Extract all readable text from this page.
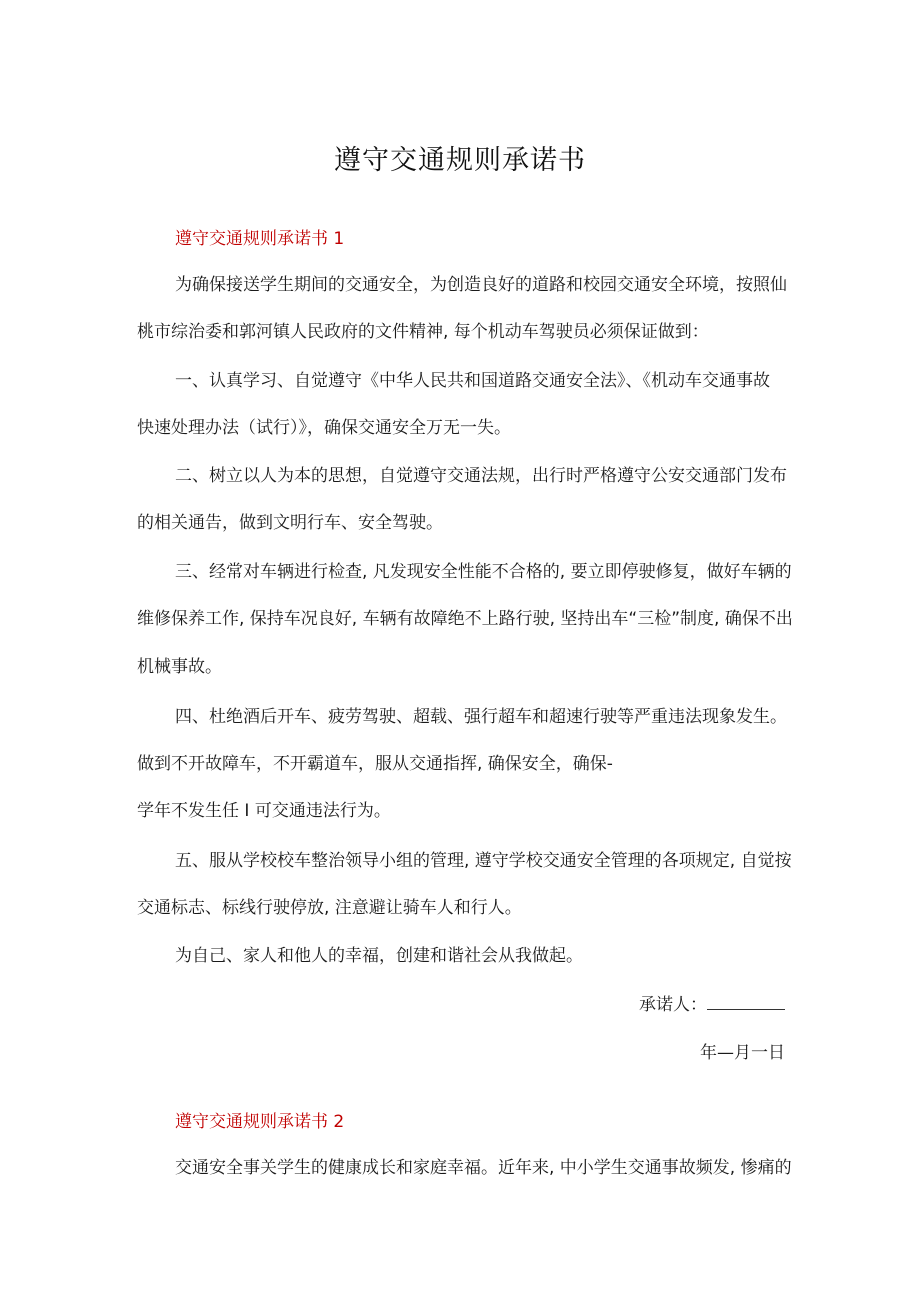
遵守交通规则承诺书
遵守交通规则承诺书 1
为确保接送学生期间的交通安全，为创造良好的道路和校园交通安全环境，按照仙
桃市综治委和郭河镇人民政府的文件精神, 每个机动车驾驶员必须保证做到：
一、认真学习、自觉遵守《中华人民共和国道路交通安全法》、《机动车交通事故
快速处理办法（试行）》，确保交通安全万无一失。
二、树立以人为本的思想，自觉遵守交通法规，出行时严格遵守公安交通部门发布
的相关通告，做到文明行车、安全驾驶。
三、经常对车辆进行检查, 凡发现安全性能不合格的, 要立即停驶修复，做好车辆的
维修保养工作, 保持车况良好, 车辆有故障绝不上路行驶, 坚持出车“三检”制度, 确保不出
机械事故。
四、杜绝酒后开车、疲劳驾驶、超载、强行超车和超速行驶等严重违法现象发生。
做到不开故障车，不开霸道车，服从交通指挥, 确保安全，确保-
学年不发生任 I 可交通违法行为。
五、服从学校校车整治领导小组的管理, 遵守学校交通安全管理的各项规定, 自觉按
交通标志、标线行驶停放, 注意避让骑车人和行人。
为自己、家人和他人的幸福，创建和谐社会从我做起。
承诺人：
年—月一日
遵守交通规则承诺书 2
交通安全事关学生的健康成长和家庭幸福。近年来, 中小学生交通事故频发, 惨痛的
